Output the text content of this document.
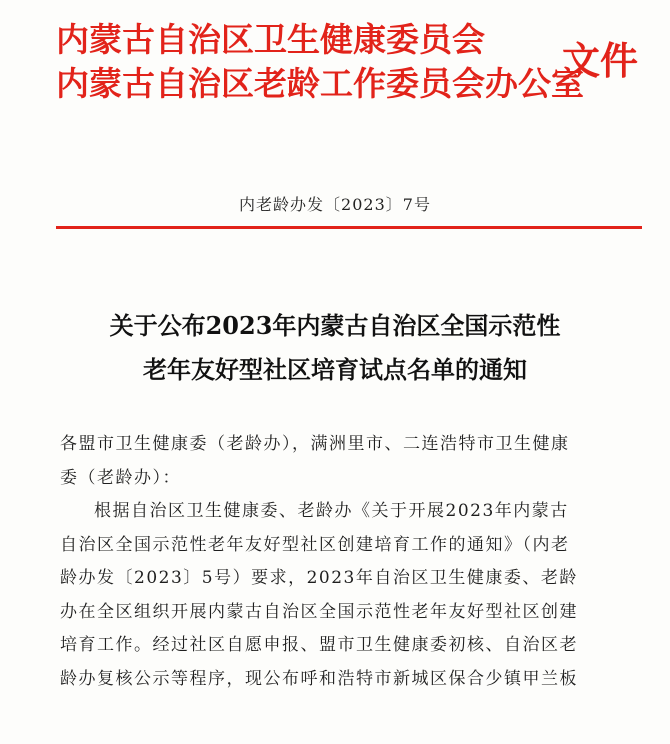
内蒙古自治区卫生健康委员会
内蒙古自治区老龄工作委员会办公室
文件
内老龄办发〔2023〕7号
关于公布2023年内蒙古自治区全国示范性
老年友好型社区培育试点名单的通知
各盟市卫生健康委（老龄办），满洲里市、二连浩特市卫生健康
委（老龄办）：
根据自治区卫生健康委、老龄办《关于开展2023年内蒙古
自治区全国示范性老年友好型社区创建培育工作的通知》（内老
龄办发〔2023〕5号）要求，2023年自治区卫生健康委、老龄
办在全区组织开展内蒙古自治区全国示范性老年友好型社区创建
培育工作。经过社区自愿申报、盟市卫生健康委初核、自治区老
龄办复核公示等程序，现公布呼和浩特市新城区保合少镇甲兰板
